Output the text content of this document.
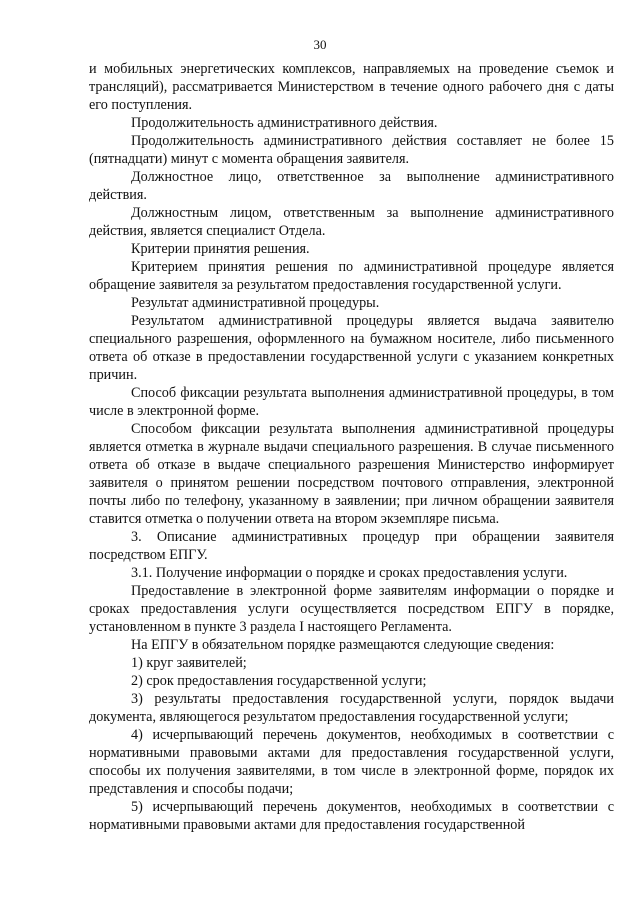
30

и мобильных энергетических комплексов, направляемых на проведение съемок и трансляций), рассматривается Министерством в течение одного рабочего дня с даты его поступления.

Продолжительность административного действия.

Продолжительность административного действия составляет не более 15 (пятнадцати) минут с момента обращения заявителя.

Должностное лицо, ответственное за выполнение административного действия.

Должностным лицом, ответственным за выполнение административного действия, является специалист Отдела.

Критерии принятия решения.

Критерием принятия решения по административной процедуре является обращение заявителя за результатом предоставления государственной услуги.

Результат административной процедуры.

Результатом административной процедуры является выдача заявителю специального разрешения, оформленного на бумажном носителе, либо письменного ответа об отказе в предоставлении государственной услуги с указанием конкретных причин.

Способ фиксации результата выполнения административной процедуры, в том числе в электронной форме.

Способом фиксации результата выполнения административной процедуры является отметка в журнале выдачи специального разрешения. В случае письменного ответа об отказе в выдаче специального разрешения Министерство информирует заявителя о принятом решении посредством почтового отправления, электронной почты либо по телефону, указанному в заявлении; при личном обращении заявителя ставится отметка о получении ответа на втором экземпляре письма.

3. Описание административных процедур при обращении заявителя посредством ЕПГУ.

3.1. Получение информации о порядке и сроках предоставления услуги.

Предоставление в электронной форме заявителям информации о порядке и сроках предоставления услуги осуществляется посредством ЕПГУ в порядке, установленном в пункте 3 раздела I настоящего Регламента.

На ЕПГУ в обязательном порядке размещаются следующие сведения:

1) круг заявителей;

2) срок предоставления государственной услуги;

3) результаты предоставления государственной услуги, порядок выдачи документа, являющегося результатом предоставления государственной услуги;

4) исчерпывающий перечень документов, необходимых в соответствии с нормативными правовыми актами для предоставления государственной услуги, способы их получения заявителями, в том числе в электронной форме, порядок их представления и способы подачи;

5) исчерпывающий перечень документов, необходимых в соответствии с нормативными правовыми актами для предоставления государственной
